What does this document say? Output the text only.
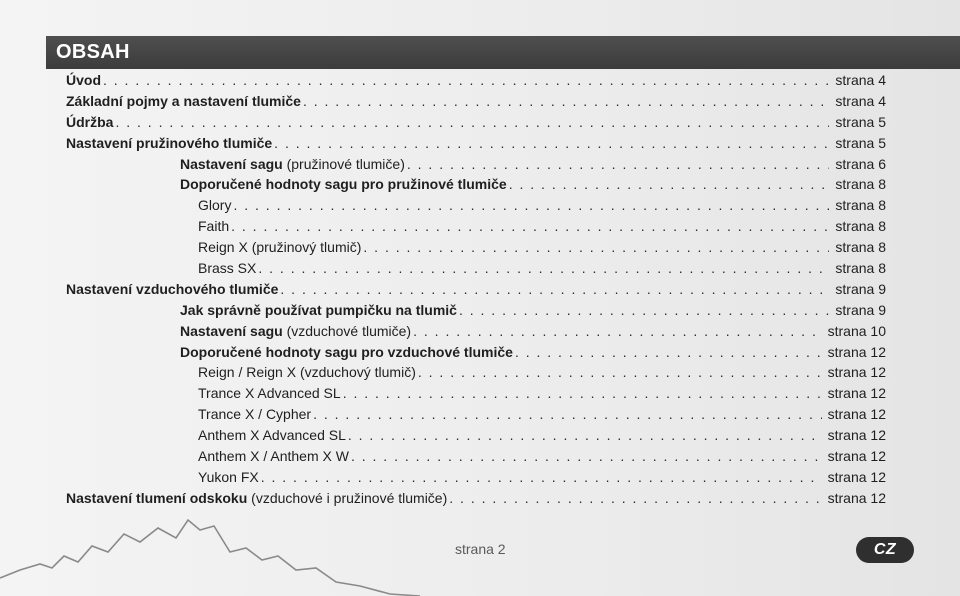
OBSAH
Úvod . . .	strana 4
Základní pojmy a nastavení tlumiče . . .	strana 4
Údržba . . .	strana 5
Nastavení pružinového tlumiče . . .	strana 5
Nastavení sagu (pružinové tlumiče) . . .	strana 6
Doporučené hodnoty sagu pro pružinové tlumiče . . .	strana 8
Glory . . .	strana 8
Faith . . .	strana 8
Reign X (pružinový tlumič) . . .	strana 8
Brass SX . . .	strana 8
Nastavení vzduchového tlumiče . . .	strana 9
Jak správně používat pumpičku na tlumič . . .	strana 9
Nastavení sagu (vzduchové tlumiče) . . .	strana 10
Doporučené hodnoty sagu pro vzduchové tlumiče . . .	strana 12
Reign / Reign X (vzduchový tlumič) . . .	strana 12
Trance X Advanced SL . . .	strana 12
Trance X / Cypher . . .	strana 12
Anthem X Advanced SL . . .	strana 12
Anthem X / Anthem X W . . .	strana 12
Yukon FX . . .	strana 12
Nastavení tlumení odskoku (vzduchové i pružinové tlumiče) . . .	strana 12
strana 2	CZ
